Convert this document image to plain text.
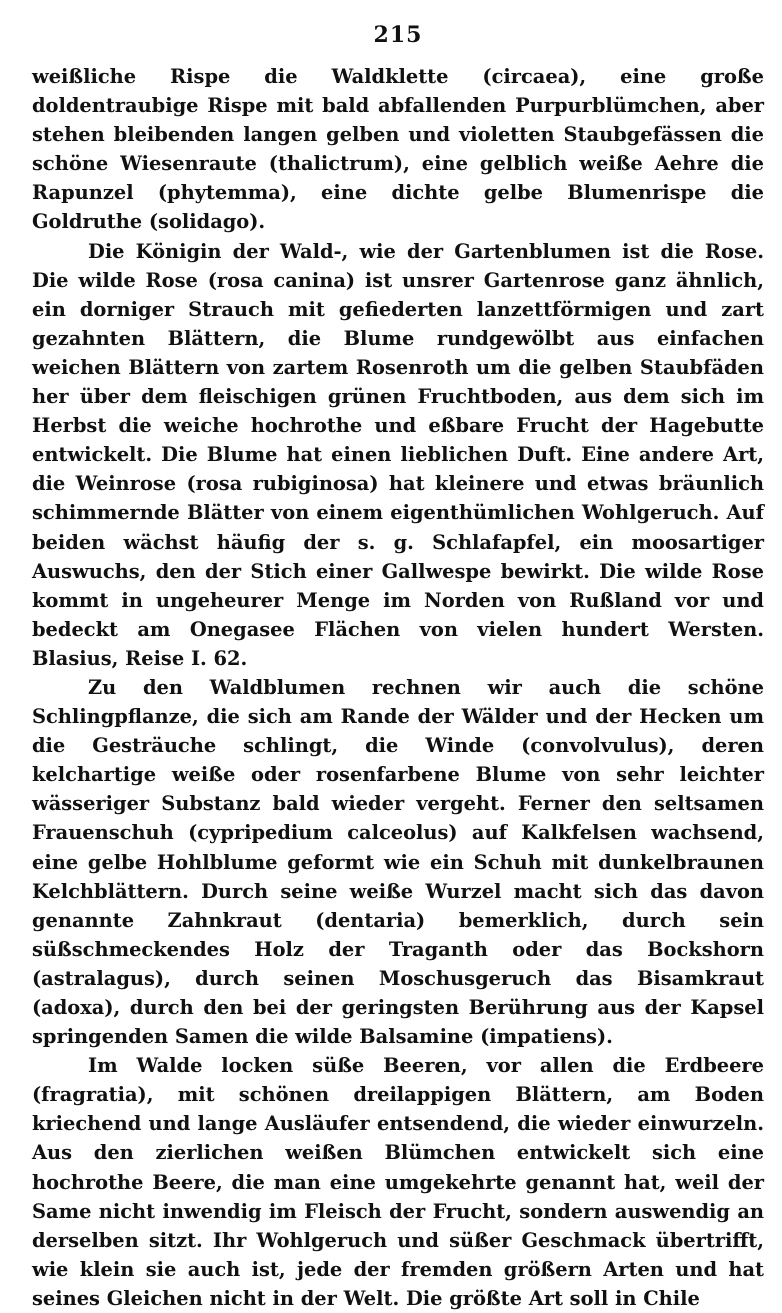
215

weißliche Rispe die Waldklette (circaea), eine große doldentraubige Rispe mit bald abfallenden Purpurblümchen, aber stehen bleibenden langen gelben und violetten Staubgefässen die schöne Wiesenraute (thalictrum), eine gelblich weiße Aehre die Rapunzel (phytemma), eine dichte gelbe Blumenrispe die Goldruthe (solidago).

Die Königin der Wald-, wie der Gartenblumen ist die Rose. Die wilde Rose (rosa canina) ist unsrer Gartenrose ganz ähnlich, ein dorniger Strauch mit gefiederten lanzettförmigen und zart gezahnten Blättern, die Blume rundgewölbt aus einfachen weichen Blättern von zartem Rosenroth um die gelben Staubfäden her über dem fleischigen grünen Fruchtboden, aus dem sich im Herbst die weiche hochrothe und eßbare Frucht der Hagebutte entwickelt. Die Blume hat einen lieblichen Duft. Eine andere Art, die Weinrose (rosa rubiginosa) hat kleinere und etwas bräunlich schimmernde Blätter von einem eigenthümlichen Wohlgeruch. Auf beiden wächst häufig der s. g. Schlafapfel, ein moosartiger Auswuchs, den der Stich einer Gallwespe bewirkt. Die wilde Rose kommt in ungeheurer Menge im Norden von Rußland vor und bedeckt am Onegasee Flächen von vielen hundert Wersten. Blasius, Reise I. 62.

Zu den Waldblumen rechnen wir auch die schöne Schlingpflanze, die sich am Rande der Wälder und der Hecken um die Gesträuche schlingt, die Winde (convolvulus), deren kelchartige weiße oder rosenfarbene Blume von sehr leichter wässeriger Substanz bald wieder vergeht. Ferner den seltsamen Frauenschuh (cypripedium calceolus) auf Kalkfelsen wachsend, eine gelbe Hohlblume geformt wie ein Schuh mit dunkelbraunen Kelchblättern. Durch seine weiße Wurzel macht sich das davon genannte Zahnkraut (dentaria) bemerklich, durch sein süßschmeckendes Holz der Traganth oder das Bockshorn (astralagus), durch seinen Moschusgeruch das Bisamkraut (adoxa), durch den bei der geringsten Berührung aus der Kapsel springenden Samen die wilde Balsamine (impatiens).

Im Walde locken süße Beeren, vor allen die Erdbeere (fragratia), mit schönen dreilappigen Blättern, am Boden kriechend und lange Ausläufer entsendend, die wieder einwurzeln. Aus den zierlichen weißen Blümchen entwickelt sich eine hochrothe Beere, die man eine umgekehrte genannt hat, weil der Same nicht inwendig im Fleisch der Frucht, sondern auswendig an derselben sitzt. Ihr Wohlgeruch und süßer Geschmack übertrifft, wie klein sie auch ist, jede der fremden größern Arten und hat seines Gleichen nicht in der Welt. Die größte Art soll in Chile
